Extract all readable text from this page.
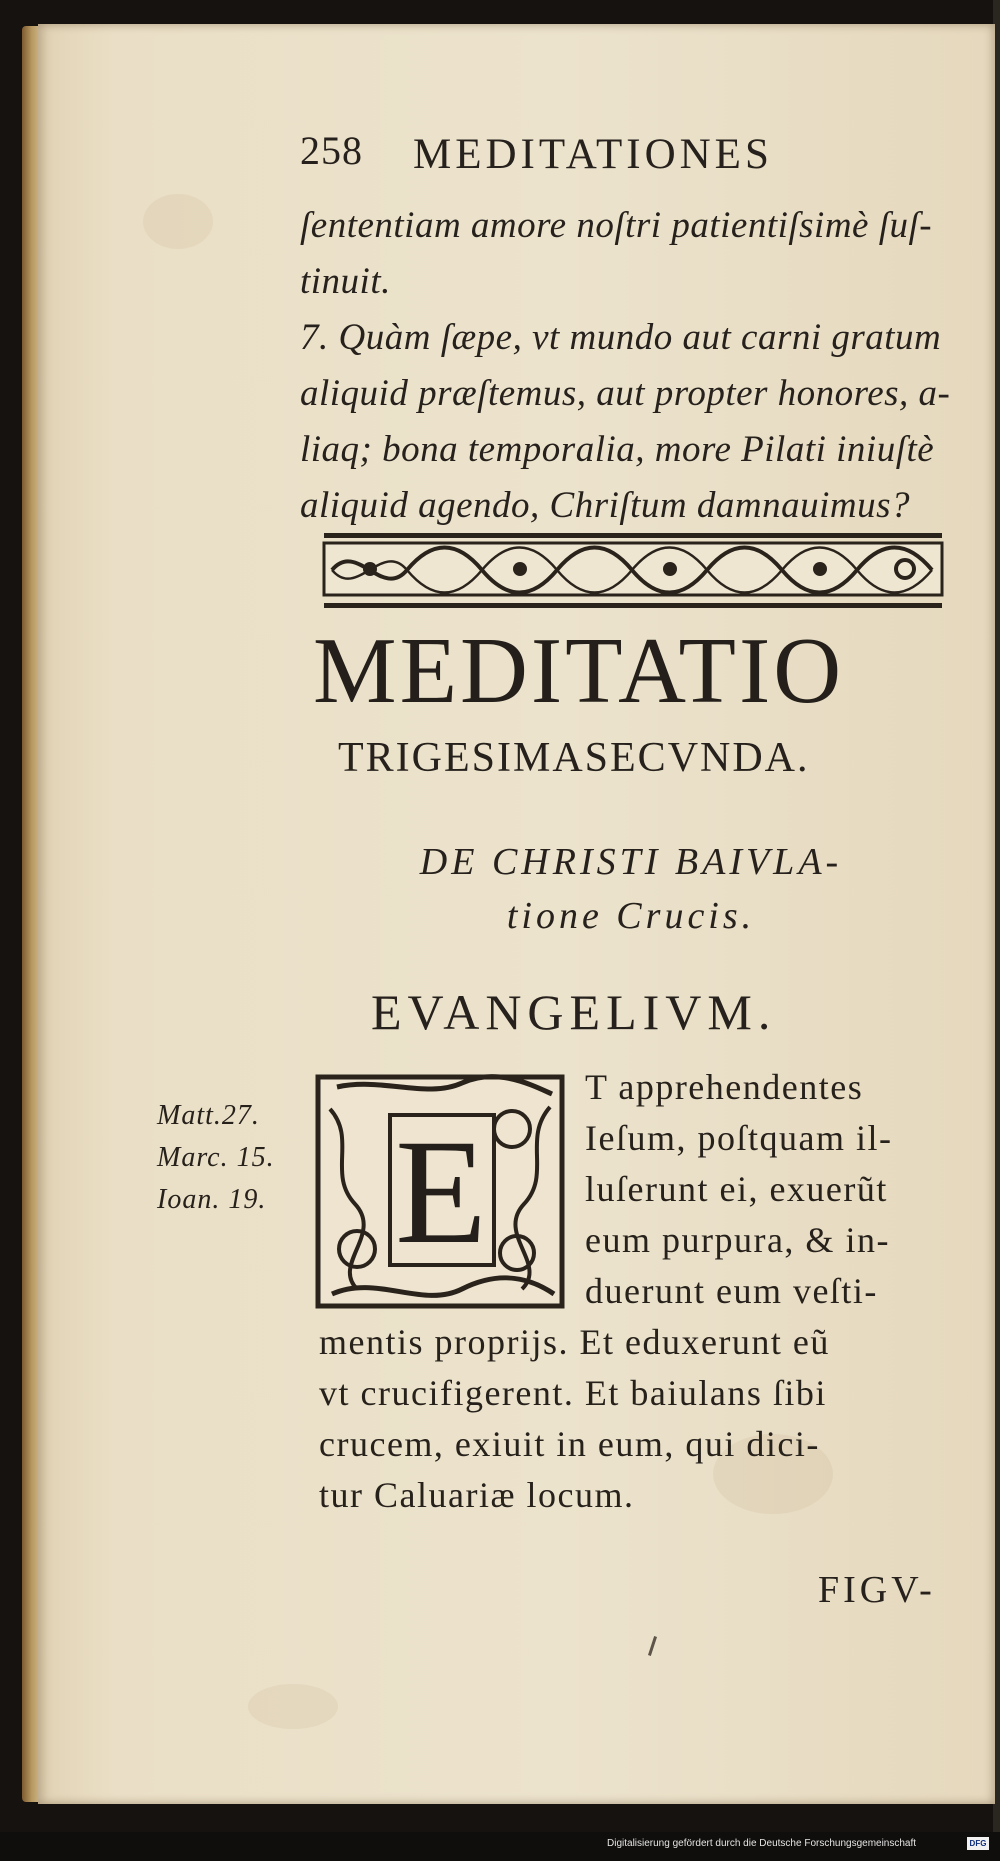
258 MEDITATIONES
ſententiam amore noſtri patientiſsimè ſuſ-
tinuit.
7. Quàm ſæpe, vt mundo aut carni gratum
aliquid præſtemus, aut propter honores, a-
liaq; bona temporalia, more Pilati iniuſtè
aliquid agendo, Chriſtum damnauimus?
MEDITATIO
TRIGESIMASECVNDA.
DE CHRISTI BAIVLA-
tione Crucis.
EVANGELIVM.
Matt.27.
Marc. 15.
Ioan. 19. E
T apprehendentes
Ieſum, poſtquam il-
luſerunt ei, exuerũt
eum purpura, & in-
duerunt eum veſti-
mentis proprijs. Et eduxerunt eũ
vt crucifigerent. Et baiulans ſibi
crucem, exiuit in eum, qui dici-
tur Caluariæ locum.
FIGV-
Digitalisierung gefördert durch die Deutsche Forschungsgemeinschaft	DFG
